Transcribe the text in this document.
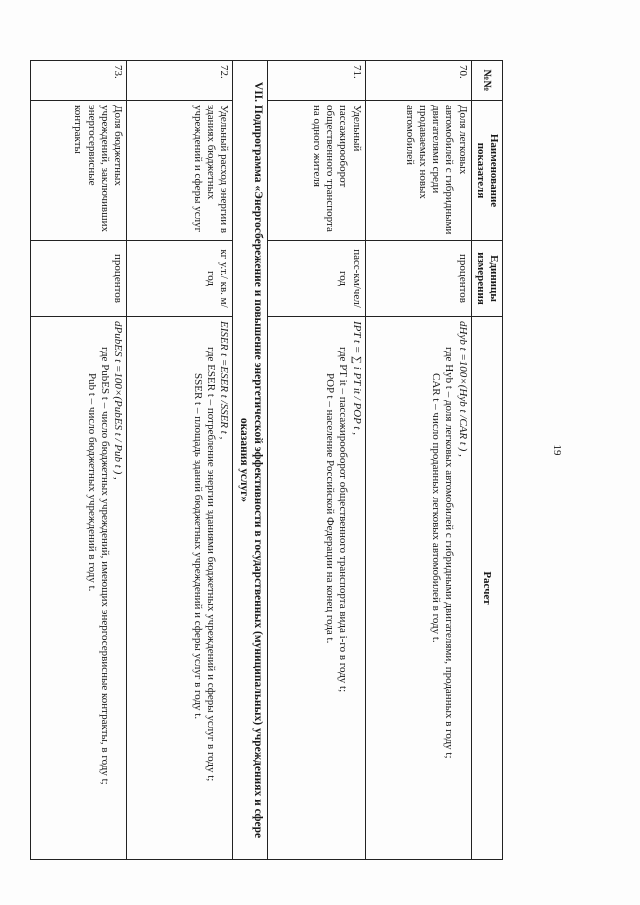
19
№№	Наименование показателя	Единицы измерения	Расчет
70.	Доля легковых автомобилей с гибридными двигателями среди продаваемых новых автомобилей	процентов	dHyb t =100×(Hyb t /CAR t ) ,
где Hyb t – доля легковых автомобилей с гибридными двигателями, проданных в году t;
CAR t – число проданных легковых автомобилей в году t.

71.	Удельный пассажирооборот общественного транспорта на одного жителя	пасс-км/чел/год	IPT t = ∑ i PT it / POP t ,
где PT it – пассажирооборот общественного транспорта вида i-го в году t;
POP t – население Российской Федерации на конец года t.

VII. Подпрограмма «Энергосбережение и повышение энергетической эффективности в государственных (муниципальных) учреждениях и сфере оказания услуг»			
72.	Удельный расход энергии в зданиях бюджетных учреждений и сферы услуг	кг у.т./ кв. м/год	EISER t =ESER t /SSER t ,
где ESER t – потребление энергии зданиями бюджетных учреждений и сферы услуг в году t;
SSER t – площадь зданий бюджетных учреждений и сферы услуг в году t.

73.	Доля бюджетных учреждений, заключивших энергосервисные контракты	процентов	dPubES t =100×(PubES t / Pub t ) ,
где PubES t – число бюджетных учреждений, имеющих энергосервисные контракты, в году t;
Pub t – число бюджетных учреждений в году t.
